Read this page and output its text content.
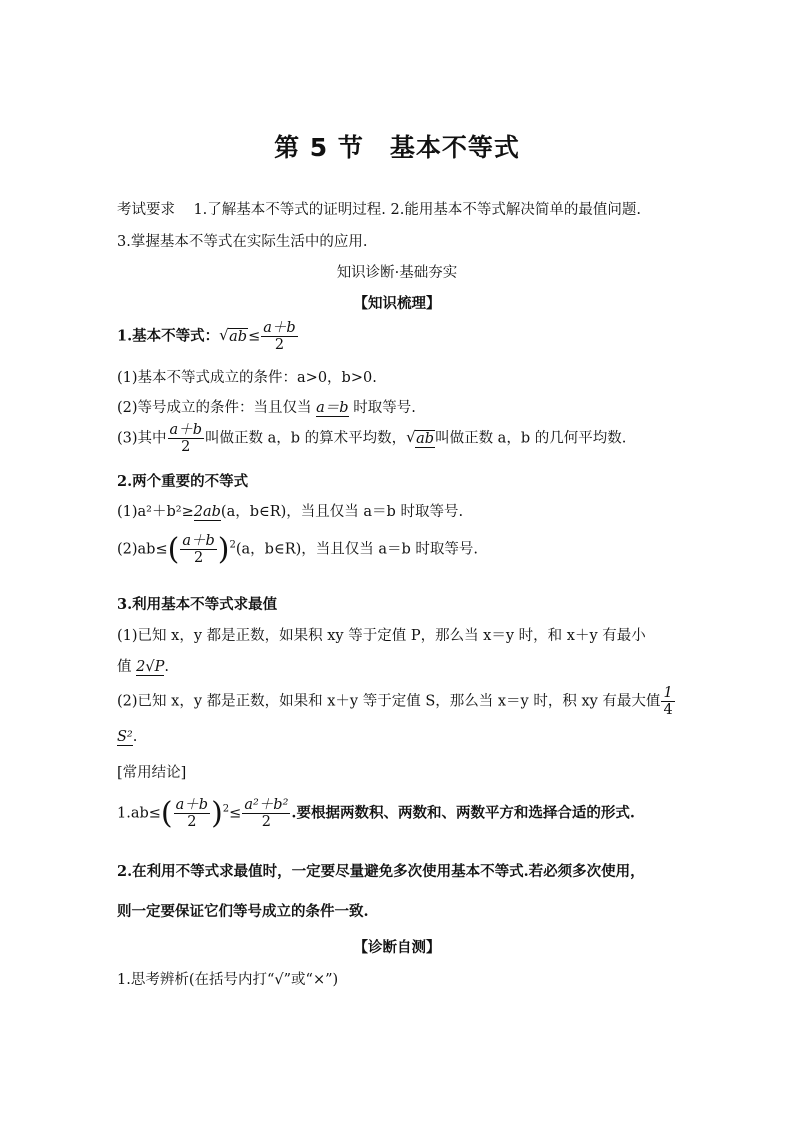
第 5 节 基本不等式
考试要求 1.了解基本不等式的证明过程. 2.能用基本不等式解决简单的最值问题.
3.掌握基本不等式在实际生活中的应用.
知识诊断·基础夯实
【知识梳理】
1.基本不等式： √ $ab\le \frac{a+b}{2}$
(1)基本不等式成立的条件：a>0，b>0.
(2)等号成立的条件：当且仅当 a＝b 时取等号.
(3)其中 $\frac{a+b}{2}$ 叫做正数 a，b 的算术平均数， √ ab叫做正数 a，b 的几何平均数.
2.两个重要的不等式
(1)a²＋b²≥2ab(a，b∈R)，当且仅当 a＝b 时取等号.
$(2)ab\le( \frac{a+b}{2} )^2(a$，b∈R)，当且仅当 a＝b 时取等号.
3.利用基本不等式求最值
(1)已知 x，y 都是正数，如果积 xy 等于定值 P，那么当 x＝y 时，和 x＋y 有最小
值 2√P.
(2)已知 x，y 都是正数，如果和 x＋y 等于定值 S，那么当 x＝y 时，积 xy 有最大值 $\frac{1}{4}$
S².
[常用结论]
$1.ab\le( \frac{a+b}{2} )^2\le \frac{\text{a²＋b²}}{2}$ .要根据两数积、两数和、两数平方和选择合适的形式.
2.在利用不等式求最值时，一定要尽量避免多次使用基本不等式.若必须多次使用，
则一定要保证它们等号成立的条件一致.
【诊断自测】
1.思考辨析(在括号内打“√”或“×”)
